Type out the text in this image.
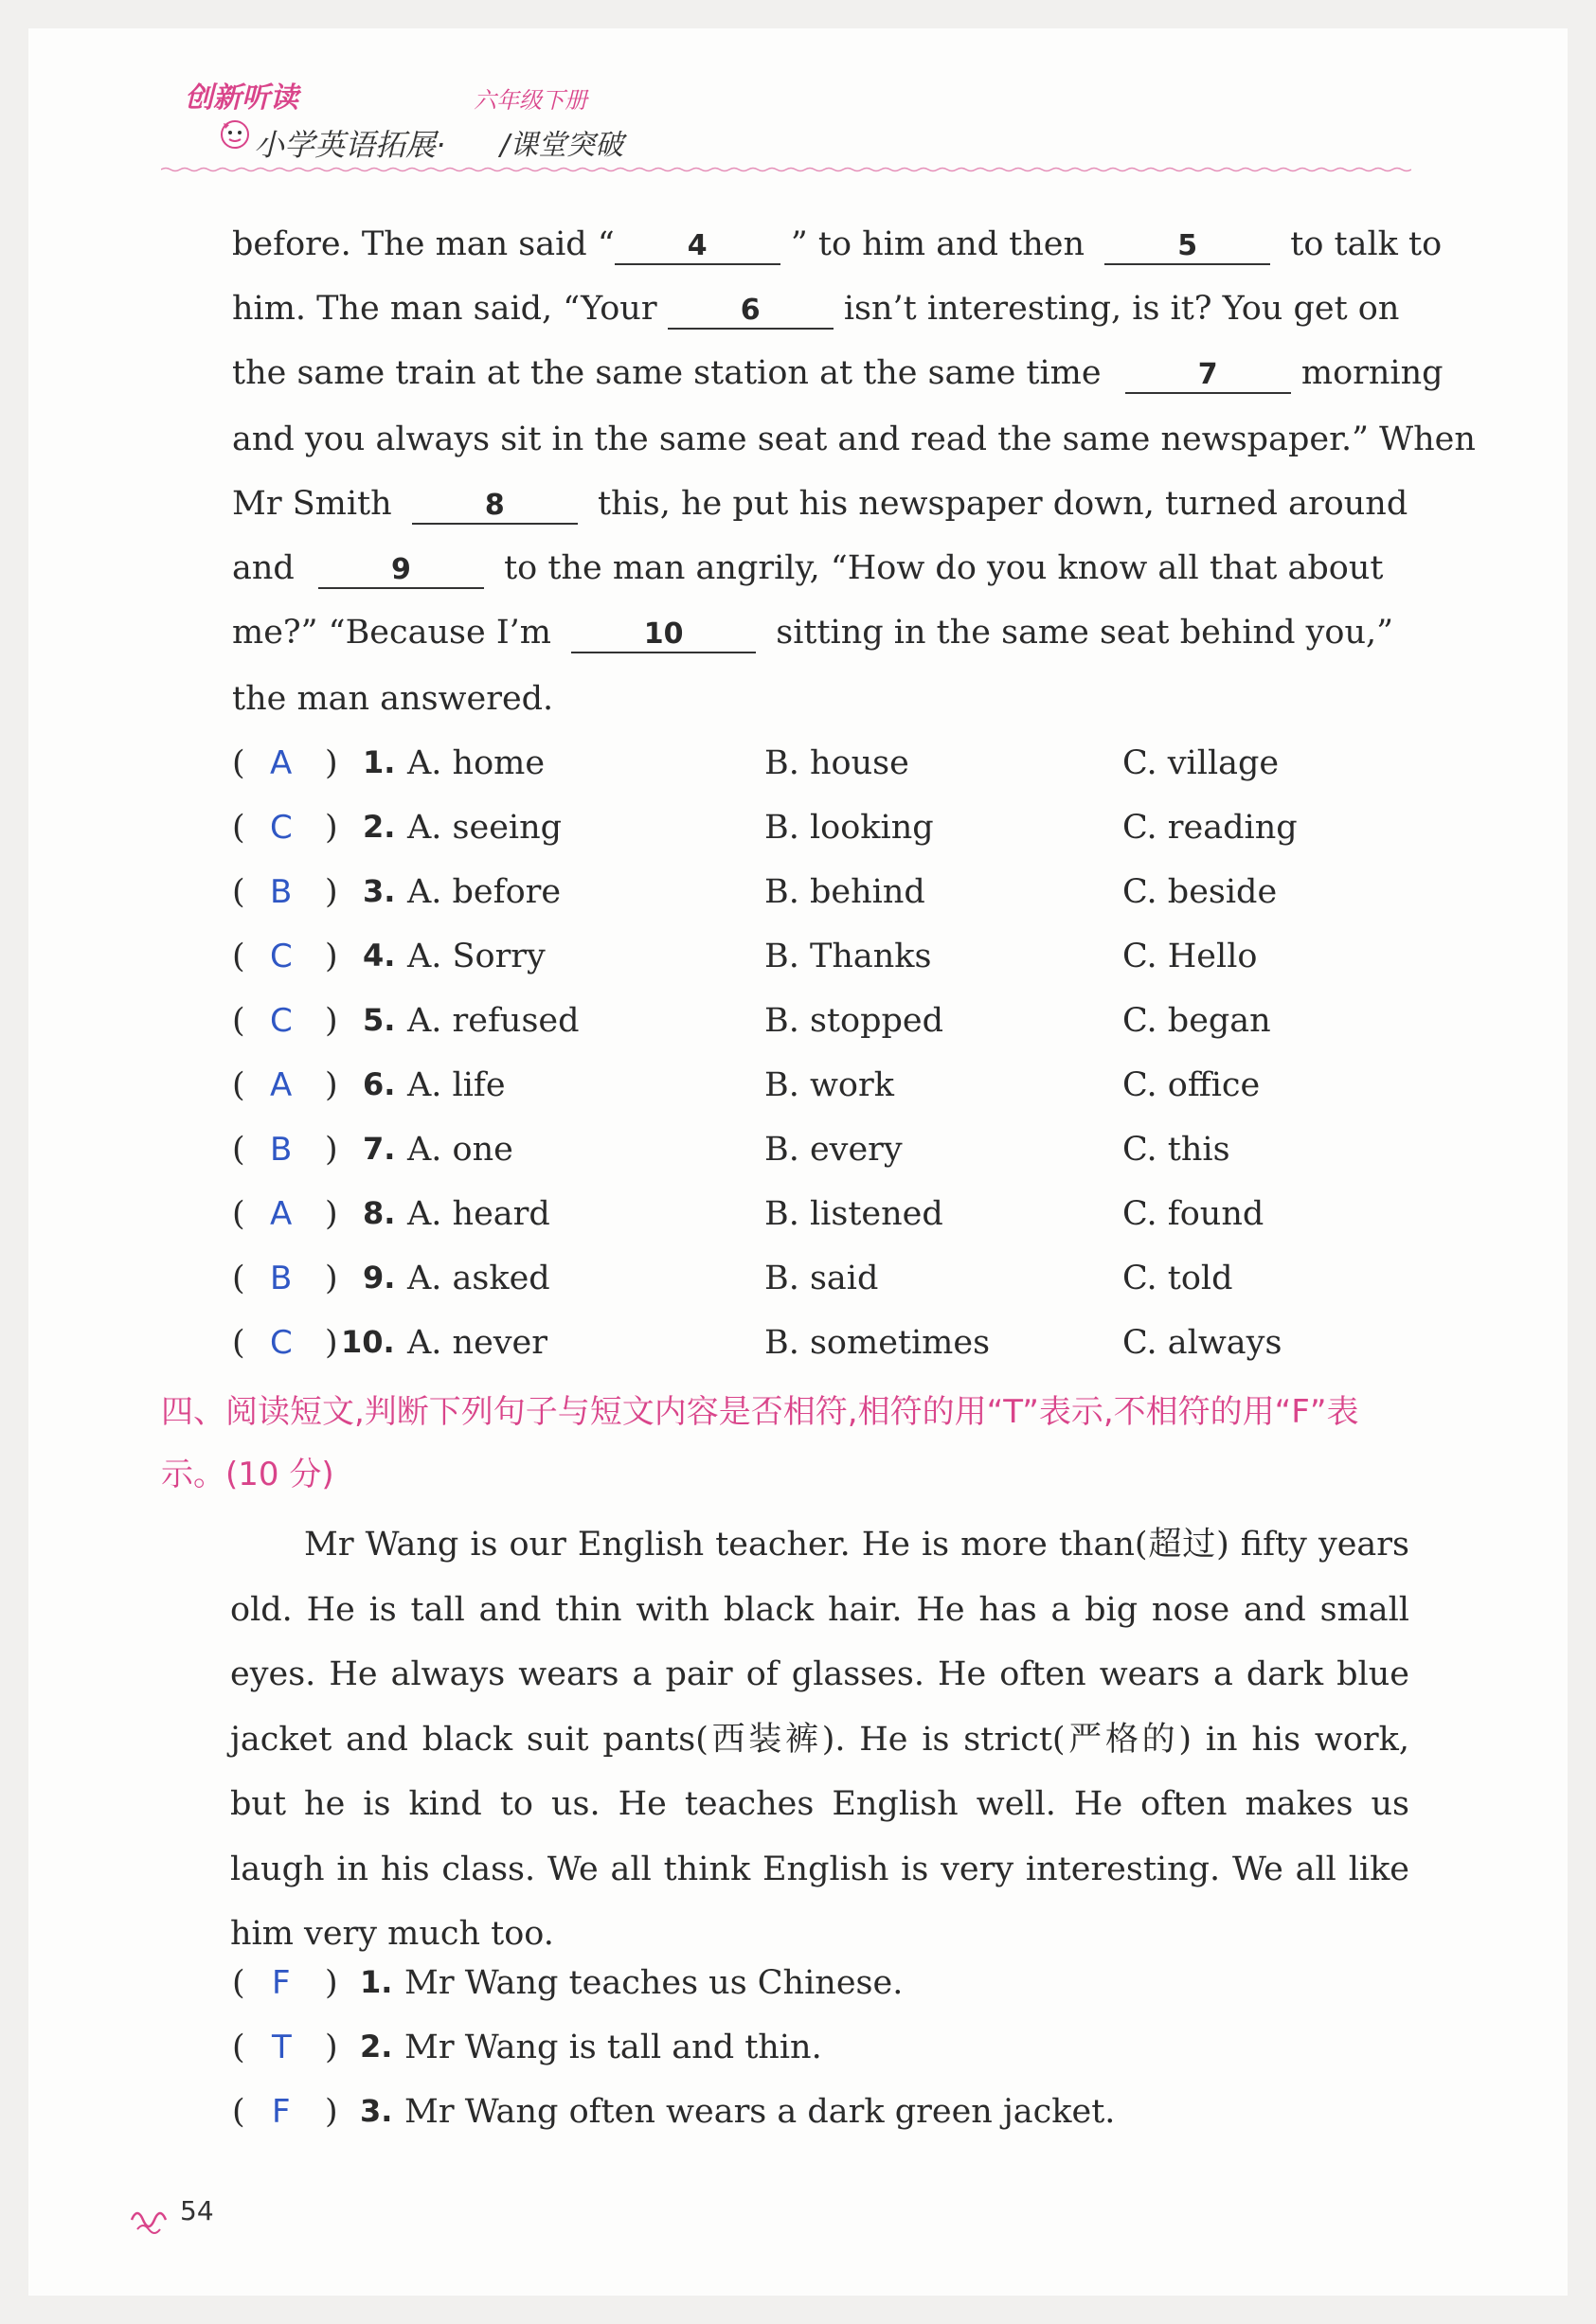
创新听读	六年级下册
小学英语拓展· /课堂突破
before. The man said “	4	” to him and then	5	to talk to
him. The man said, “Your	6	isn’t interesting, is it? You get on
the same train at the same station at the same time	7	morning
and you always sit in the same seat and read the same newspaper.” When
Mr Smith	8	this, he put his newspaper down, turned around
and	9	to the man angrily, “How do you know all that about
me?” “Because I’m	10	sitting in the same seat behind you,”
the man answered.
( A ) 1. A. home	B. house	C. village
( C ) 2. A. seeing	B. looking	C. reading
( B ) 3. A. before	B. behind	C. beside
( C ) 4. A. Sorry	B. Thanks	C. Hello
( C ) 5. A. refused	B. stopped	C. began
( A ) 6. A. life	B. work	C. office
( B ) 7. A. one	B. every	C. this
( A ) 8. A. heard	B. listened	C. found
( B ) 9. A. asked	B. said	C. told
( C ) 10. A. never	B. sometimes	C. always
四、阅读短文,判断下列句子与短文内容是否相符,相符的用“T”表示,不相符的用“F”表示。(10 分)
Mr Wang is our English teacher. He is more than(超过) fifty years old. He is tall and thin with black hair. He has a big nose and small eyes. He always wears a pair of glasses. He often wears a dark blue jacket and black suit pants(西装裤). He is strict(严格的) in his work, but he is kind to us. He teaches English well. He often makes us laugh in his class. We all think English is very interesting. We all like him very much too.
( F ) 1. Mr Wang teaches us Chinese.
( T ) 2. Mr Wang is tall and thin.
( F ) 3. Mr Wang often wears a dark green jacket.
54
